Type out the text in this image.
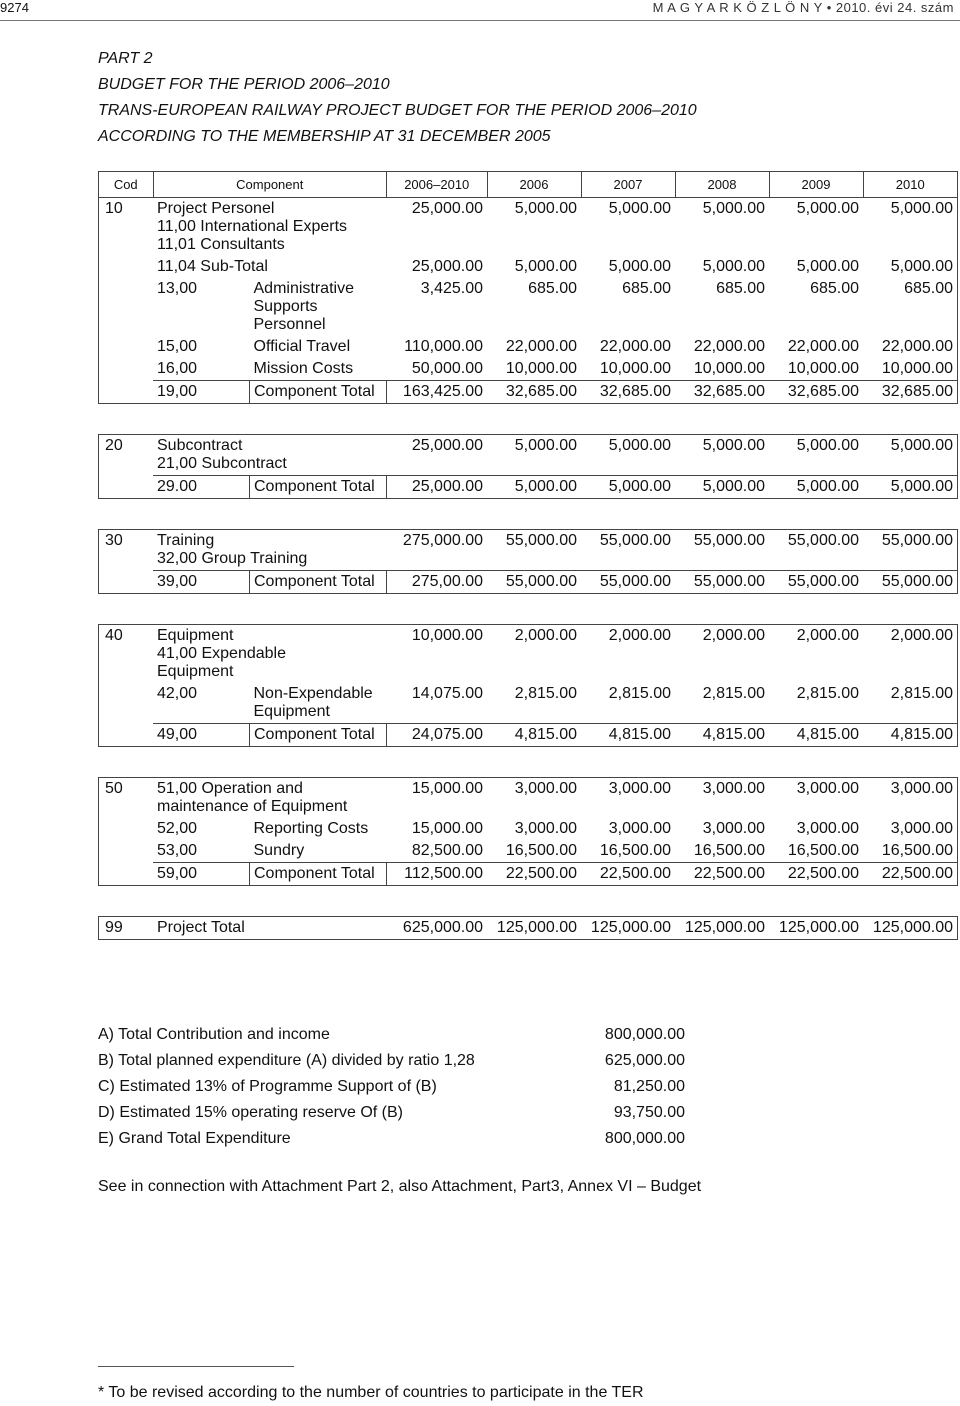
9274	M A G Y A R K Ö Z L Ö N Y • 2010. évi 24. szám
PART 2
BUDGET FOR THE PERIOD 2006–2010
TRANS-EUROPEAN RAILWAY PROJECT BUDGET FOR THE PERIOD 2006–2010
ACCORDING TO THE MEMBERSHIP AT 31 DECEMBER 2005
Cod	Component		2006–2010	2006	2007	2008	2009	2010
10	Project Personel
11,00 International Experts
11,01 Consultants		25,000.00	5,000.00	5,000.00	5,000.00	5,000.00	5,000.00

	11,04 Sub-Total		25,000.00	5,000.00	5,000.00	5,000.00	5,000.00	5,000.00

	13,00	Administrative
Supports
Personnel	3,425.00	685.00	685.00	685.00	685.00	685.00

	15,00	Official Travel	110,000.00	22,000.00	22,000.00	22,000.00	22,000.00	22,000.00

	16,00	Mission Costs	50,000.00	10,000.00	10,000.00	10,000.00	10,000.00	10,000.00

	19,00	Component Total	163,425.00	32,685.00	32,685.00	32,685.00	32,685.00	32,685.00

20	Subcontract
21,00 Subcontract		25,000.00	5,000.00	5,000.00	5,000.00	5,000.00	5,000.00

	29.00	Component Total	25,000.00	5,000.00	5,000.00	5,000.00	5,000.00	5,000.00

30	Training
32,00 Group Training		275,000.00	55,000.00	55,000.00	55,000.00	55,000.00	55,000.00

	39,00	Component Total	275,00.00	55,000.00	55,000.00	55,000.00	55,000.00	55,000.00

40	Equipment
41,00 Expendable
Equipment		10,000.00	2,000.00	2,000.00	2,000.00	2,000.00	2,000.00

	42,00	Non-Expendable
Equipment	14,075.00	2,815.00	2,815.00	2,815.00	2,815.00	2,815.00

	49,00	Component Total	24,075.00	4,815.00	4,815.00	4,815.00	4,815.00	4,815.00

50	51,00 Operation and
maintenance of Equipment		15,000.00	3,000.00	3,000.00	3,000.00	3,000.00	3,000.00

	52,00	Reporting Costs	15,000.00	3,000.00	3,000.00	3,000.00	3,000.00	3,000.00

	53,00	Sundry	82,500.00	16,500.00	16,500.00	16,500.00	16,500.00	16,500.00

	59,00	Component Total	112,500.00	22,500.00	22,500.00	22,500.00	22,500.00	22,500.00

99	Project Total		625,000.00	125,000.00	125,000.00	125,000.00	125,000.00	125,000.00
A) Total Contribution and income	800,000.00
B) Total planned expenditure (A) divided by ratio 1,28	625,000.00
C) Estimated 13% of Programme Support of (B)	81,250.00
D) Estimated 15% operating reserve Of (B)	93,750.00
E) Grand Total Expenditure	800,000.00
See in connection with Attachment Part 2, also Attachment, Part3, Annex VI – Budget
* To be revised according to the number of countries to participate in the TER
